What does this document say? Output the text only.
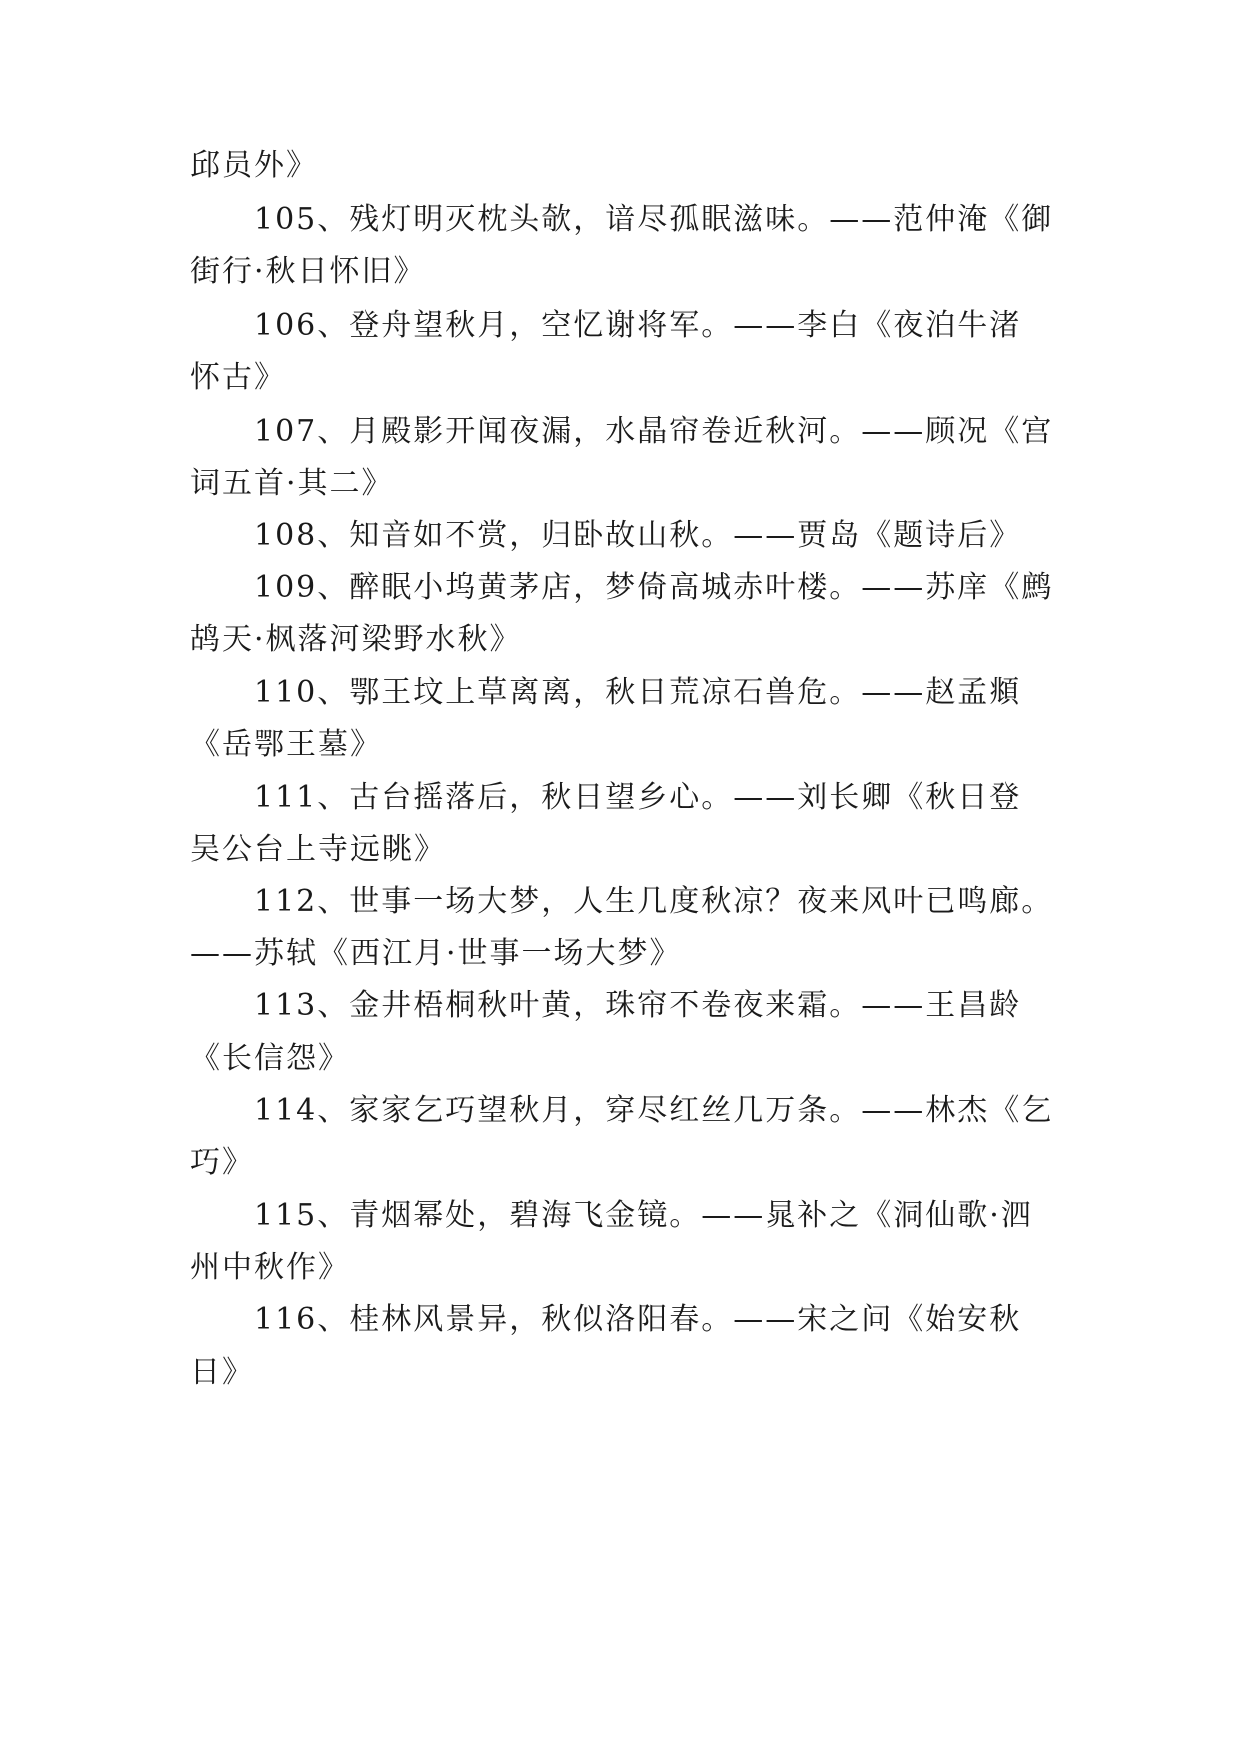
邱员外》
105、残灯明灭枕头欹，谙尽孤眠滋味。——范仲淹《御
街行·秋日怀旧》
106、登舟望秋月，空忆谢将军。——李白《夜泊牛渚
怀古》
107、月殿影开闻夜漏，水晶帘卷近秋河。——顾况《宫
词五首·其二》
108、知音如不赏，归卧故山秋。——贾岛《题诗后》
109、醉眠小坞黄茅店，梦倚高城赤叶楼。——苏庠《鹧
鸪天·枫落河梁野水秋》
110、鄂王坟上草离离，秋日荒凉石兽危。——赵孟頫
《岳鄂王墓》
111、古台摇落后，秋日望乡心。——刘长卿《秋日登
吴公台上寺远眺》
112、世事一场大梦，人生几度秋凉？夜来风叶已鸣廊。
——苏轼《西江月·世事一场大梦》
113、金井梧桐秋叶黄，珠帘不卷夜来霜。——王昌龄
《长信怨》
114、家家乞巧望秋月，穿尽红丝几万条。——林杰《乞
巧》
115、青烟幂处，碧海飞金镜。——晁补之《洞仙歌·泗
州中秋作》
116、桂林风景异，秋似洛阳春。——宋之问《始安秋
日》
